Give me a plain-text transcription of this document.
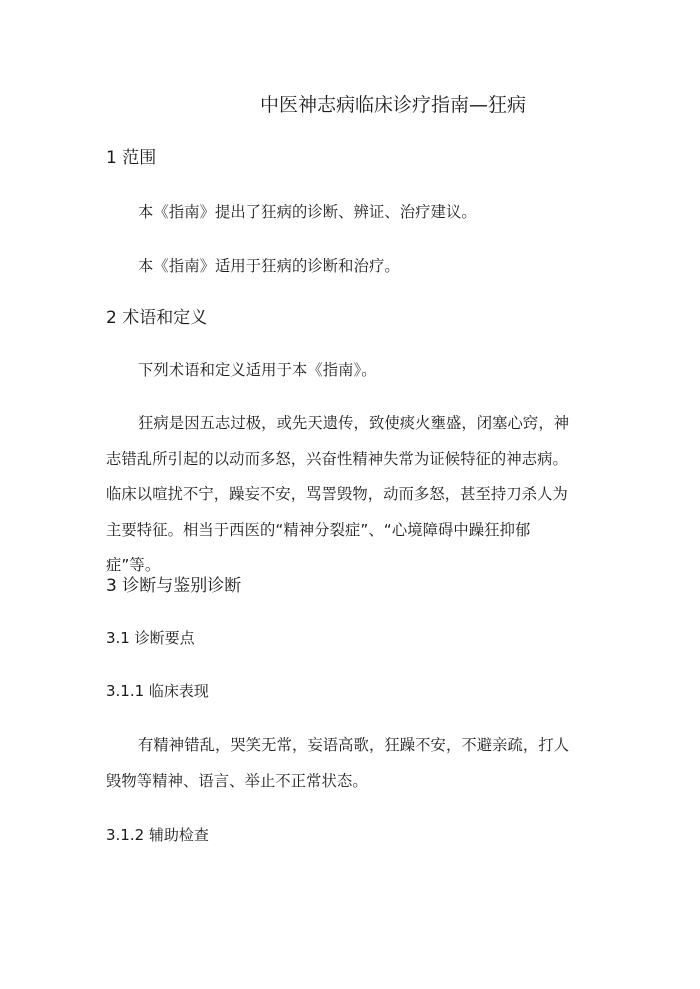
中医神志病临床诊疗指南—狂病
1 范围

本《指南》提出了狂病的诊断、辨证、治疗建议。

本《指南》适用于狂病的诊断和治疗。

2 术语和定义

下列术语和定义适用于本《指南》。

狂病是因五志过极，或先天遗传，致使痰火壅盛，闭塞心窍，神志错乱所引起的以动而多怒，兴奋性精神失常为证候特征的神志病。临床以喧扰不宁，躁妄不安，骂詈毁物，动而多怒，甚至持刀杀人为主要特征。相当于西医的“精神分裂症”、“心境障碍中躁狂抑郁症”等。

3 诊断与鉴别诊断
3.1 诊断要点
3.1.1 临床表现

有精神错乱，哭笑无常，妄语高歌，狂躁不安，不避亲疏，打人毁物等精神、语言、举止不正常状态。

3.1.2 辅助检查
